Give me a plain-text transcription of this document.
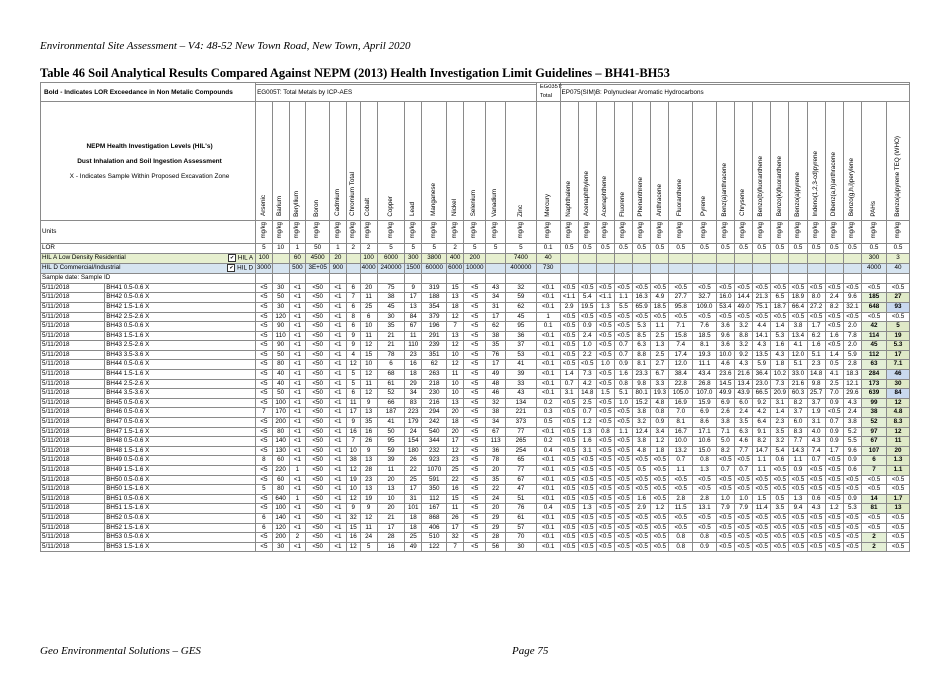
Environmental Site Assessment – V4: 48-52 New Town Road, New Town, April 2020
Table 46 Soil Analytical Results Compared Against NEPM (2013) Health Investigation Limit Guidelines – BH41-BH53
Bold - Indicates LOR Exceedance in Non Metalic Compounds																EG035T: Total																		
		EG005T: Total Metals by ICP-AES															EP075(SIM)B: Polynuclear Aromatic Hydrocarbons																	

NEPM Health Investigation Levels (HIL's)
Dust Inhalation and Soil Ingestion Assessment
X - Indicates Sample Within Proposed Excavation Zone		Arsenic	Barium	Beryllium	Boron	Cadmium	Chromium Total	Cobalt	Copper	Lead	Manganese	Nickel	Selenium	Vanadium	Zinc	Mercury	Naphthalene	Acenaphthylene	Acenaphthene	Fluorene	Phenanthrene	Anthracene	Fluoranthene	Pyrene	Benz(a)anthracene	Chrysene	Benzo(b)fluoranthene	Benzo(k)fluoranthene	Benzo(a)pyrene	Indeno(1,2,3-cd)pyrene	Dibenz(a,h)anthracene	Benzo(g,h,i)perylene	PAHs	Benzo(a)pyrene TEQ (WHO)
Units		mg/kg	mg/kg	mg/kg	mg/kg	mg/kg	mg/kg	mg/kg	mg/kg	mg/kg	mg/kg	mg/kg	mg/kg	mg/kg	mg/kg	mg/kg	mg/kg	mg/kg	mg/kg	mg/kg	mg/kg	mg/kg	mg/kg	mg/kg	mg/kg	mg/kg	mg/kg	mg/kg	mg/kg	mg/kg	mg/kg	mg/kg	mg/kg	mg/kg
LOR		5	10	1	50	1	2	2	5	5	5	2	5	5	5	0.1	0.5	0.5	0.5	0.5	0.5	0.5	0.5	0.5	0.5	0.5	0.5	0.5	0.5	0.5	0.5	0.5	0.5	0.5
HIL A Low Density Residential ✔ HIL A		100		60	4500	20		100	6000	300	3800	400	200		7400	40																	300	3
HIL D Commercial/Industrial ✔ HIL D		3000		500	3E+05	900		4000	240000	1500	60000	6000	10000		400000	730																	4000	40
Sample date: Sample ID																																		
5/11/2018	BH41 0.5-0.6 X	<5	30	<1	<50	<1	6	20	75	9	319	15	<5	43	32	<0.1	<0.5	<0.5	<0.5	<0.5	<0.5	<0.5	<0.5	<0.5	<0.5	<0.5	<0.5	<0.5	<0.5	<0.5	<0.5	<0.5	<0.5	<0.5
5/11/2018	BH42 0.5-0.6 X	<5	50	<1	<50	<1	7	11	38	17	188	13	<5	34	59	<0.1	<1.1	5.4	<1.1	1.1	16.3	4.9	27.7	32.7	16.0	14.4	21.3	6.5	18.9	8.0	2.4	9.6	185	27
5/11/2018	BH42 1.5-1.6 X	<5	30	<1	<50	<1	6	25	45	13	354	18	<5	31	62	<0.1	2.9	19.5	1.3	5.5	65.9	18.5	95.8	109.0	53.4	49.0	75.1	18.7	66.4	27.2	8.2	32.1	648	93
5/11/2018	BH42 2.5-2.6 X	<5	120	<1	<50	<1	8	6	30	84	379	12	<5	17	45	1	<0.5	<0.5	<0.5	<0.5	<0.5	<0.5	<0.5	<0.5	<0.5	<0.5	<0.5	<0.5	<0.5	<0.5	<0.5	<0.5	<0.5	<0.5
5/11/2018	BH43 0.5-0.6 X	<5	90	<1	<50	<1	6	10	35	67	196	7	<5	62	95	0.1	<0.5	0.9	<0.5	<0.5	5.3	1.1	7.1	7.6	3.6	3.2	4.4	1.4	3.8	1.7	<0.5	2.0	42	5
5/11/2018	BH43 1.5-1.6 X	<5	110	<1	<50	<1	9	11	21	11	291	13	<5	38	36	<0.1	<0.5	2.4	<0.5	<0.5	8.5	2.5	15.8	18.5	9.6	8.8	14.1	5.3	13.4	6.2	1.6	7.8	114	19
5/11/2018	BH43 2.5-2.6 X	<5	90	<1	<50	<1	9	12	21	110	239	12	<5	35	37	<0.1	<0.5	1.0	<0.5	0.7	6.3	1.3	7.4	8.1	3.6	3.2	4.3	1.6	4.1	1.6	<0.5	2.0	45	5.3
5/11/2018	BH43 3.5-3.6 X	<5	50	<1	<50	<1	4	15	78	23	351	10	<5	76	53	<0.1	<0.5	2.2	<0.5	0.7	8.8	2.5	17.4	19.3	10.0	9.2	13.5	4.3	12.0	5.1	1.4	5.9	112	17
5/11/2018	BH44 0.5-0.6 X	<5	80	<1	<50	<1	12	10	6	16	62	12	<5	17	41	<0.1	<0.5	<0.5	1.0	0.9	8.1	2.7	12.0	11.1	4.6	4.3	5.9	1.8	5.1	2.3	0.5	2.8	63	7.1
5/11/2018	BH44 1.5-1.6 X	<5	40	<1	<50	<1	5	12	68	18	263	11	<5	49	39	<0.1	1.4	7.3	<0.5	1.6	23.3	6.7	38.4	43.4	23.6	21.6	36.4	10.2	33.0	14.8	4.1	18.3	284	46
5/11/2018	BH44 2.5-2.6 X	<5	40	<1	<50	<1	5	11	61	29	218	10	<5	48	33	<0.1	0.7	4.2	<0.5	0.8	9.8	3.3	22.8	26.8	14.5	13.4	23.0	7.3	21.6	9.8	2.5	12.1	173	30
5/11/2018	BH44 3.5-3.6 X	<5	50	<1	<50	<1	6	12	52	34	230	10	<5	46	43	<0.1	3.1	14.8	1.5	5.1	80.1	19.3	105.0	107.0	49.9	43.9	66.5	20.9	60.3	25.7	7.0	29.6	639	84
5/11/2018	BH45 0.5-0.6 X	<5	100	<1	<50	<1	11	9	66	83	216	13	<5	32	134	0.2	<0.5	2.5	<0.5	1.0	15.2	4.8	16.9	15.9	6.9	6.0	9.2	3.1	8.2	3.7	0.9	4.3	99	12
5/11/2018	BH46 0.5-0.6 X	7	170	<1	<50	<1	17	13	187	223	294	20	<5	38	221	0.3	<0.5	0.7	<0.5	<0.5	3.8	0.8	7.0	6.9	2.6	2.4	4.2	1.4	3.7	1.9	<0.5	2.4	38	4.8
5/11/2018	BH47 0.5-0.6 X	<5	200	<1	<50	<1	9	35	41	179	242	18	<5	34	373	0.5	<0.5	1.2	<0.5	<0.5	3.2	0.9	8.1	8.6	3.8	3.5	6.4	2.3	6.0	3.1	0.7	3.8	52	8.3
5/11/2018	BH47 1.5-1.6 X	<5	80	<1	<50	<1	16	16	50	24	540	20	<5	67	77	<0.1	<0.5	1.3	0.8	1.1	12.4	3.4	16.7	17.1	7.1	6.3	9.1	3.5	8.3	4.0	0.9	5.2	97	12
5/11/2018	BH48 0.5-0.6 X	<5	140	<1	<50	<1	7	26	95	154	344	17	<5	113	265	0.2	<0.5	1.6	<0.5	<0.5	3.8	1.2	10.0	10.6	5.0	4.6	8.2	3.2	7.7	4.3	0.9	5.5	67	11
5/11/2018	BH48 1.5-1.6 X	<5	130	<1	<50	<1	10	9	59	180	232	12	<5	36	254	0.4	<0.5	3.1	<0.5	<0.5	4.8	1.8	13.2	15.0	8.2	7.7	14.7	5.4	14.3	7.4	1.7	9.6	107	20
5/11/2018	BH49 0.5-0.6 X	8	60	<1	<50	<1	38	13	39	26	923	23	<5	78	65	<0.1	<0.5	<0.5	<0.5	<0.5	<0.5	<0.5	0.7	0.8	<0.5	<0.5	1.1	0.6	1.1	0.7	<0.5	0.9	6	1.3
5/11/2018	BH49 1.5-1.6 X	<5	220	1	<50	<1	12	28	11	22	1070	25	<5	20	77	<0.1	<0.5	<0.5	<0.5	<0.5	0.5	<0.5	1.1	1.3	0.7	0.7	1.1	<0.5	0.9	<0.5	<0.5	0.6	7	1.1
5/11/2018	BH50 0.5-0.6 X	<5	60	<1	<50	<1	19	23	20	25	591	22	<5	35	67	<0.1	<0.5	<0.5	<0.5	<0.5	<0.5	<0.5	<0.5	<0.5	<0.5	<0.5	<0.5	<0.5	<0.5	<0.5	<0.5	<0.5	<0.5	<0.5
5/11/2018	BH50 1.5-1.6 X	5	80	<1	<50	<1	10	13	13	17	350	16	<5	22	47	<0.1	<0.5	<0.5	<0.5	<0.5	<0.5	<0.5	<0.5	<0.5	<0.5	<0.5	<0.5	<0.5	<0.5	<0.5	<0.5	<0.5	<0.5	<0.5
5/11/2018	BH51 0.5-0.6 X	<5	640	1	<50	<1	12	19	10	31	112	15	<5	24	51	<0.1	<0.5	<0.5	<0.5	<0.5	1.6	<0.5	2.8	2.8	1.0	1.0	1.5	0.5	1.3	0.6	<0.5	0.9	14	1.7
5/11/2018	BH51 1.5-1.6 X	<5	100	<1	<50	<1	9	9	20	101	167	11	<5	20	76	0.4	<0.5	1.3	<0.5	<0.5	2.9	1.2	11.5	13.1	7.9	7.9	11.4	3.5	9.4	4.3	1.2	5.3	81	13
5/11/2018	BH52 0.5-0.6 X	6	140	<1	<50	<1	32	12	21	18	868	26	<5	29	61	<0.1	<0.5	<0.5	<0.5	<0.5	<0.5	<0.5	<0.5	<0.5	<0.5	<0.5	<0.5	<0.5	<0.5	<0.5	<0.5	<0.5	<0.5	<0.5
5/11/2018	BH52 1.5-1.6 X	6	120	<1	<50	<1	15	11	17	18	406	17	<5	29	57	<0.1	<0.5	<0.5	<0.5	<0.5	<0.5	<0.5	<0.5	<0.5	<0.5	<0.5	<0.5	<0.5	<0.5	<0.5	<0.5	<0.5	<0.5	<0.5
5/11/2018	BH53 0.5-0.6 X	<5	200	2	<50	<1	16	24	28	25	510	32	<5	28	70	<0.1	<0.5	<0.5	<0.5	<0.5	<0.5	<0.5	0.8	0.8	<0.5	<0.5	<0.5	<0.5	<0.5	<0.5	<0.5	<0.5	2	<0.5
5/11/2018	BH53 1.5-1.6 X	<5	30	<1	<50	<1	12	5	16	49	122	7	<5	56	30	<0.1	<0.5	<0.5	<0.5	<0.5	<0.5	<0.5	0.8	0.9	<0.5	<0.5	<0.5	<0.5	<0.5	<0.5	<0.5	<0.5	2	<0.5
Geo Environmental Solutions – GES	Page 75
